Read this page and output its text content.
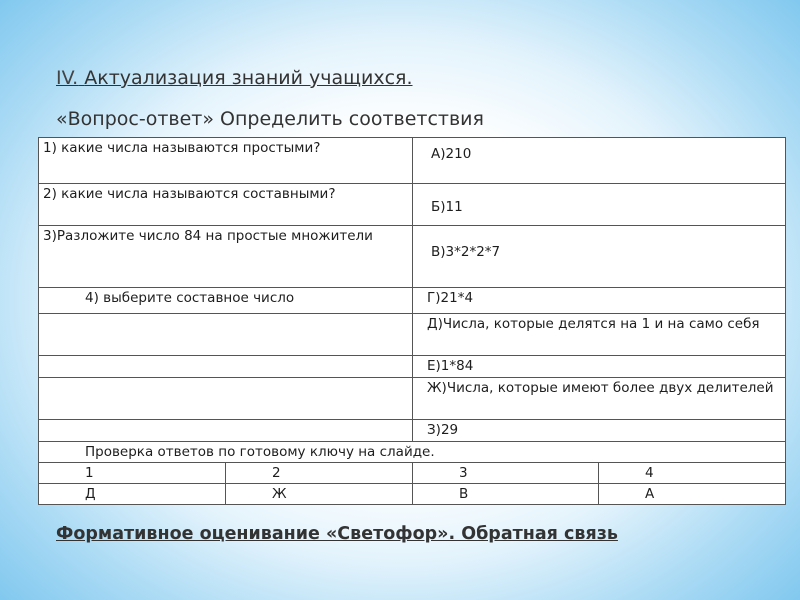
IV. Актуализация знаний учащихся.

«Вопрос-ответ» Определить соответствия

1) какие числа называются простыми?		А)210	

2) какие числа называются составными?		Б)11	

3)Разложите число 84 на простые множители		В)3*2*2*7	

4) выберите составное число		Г)21*4	

		Д)Числа, которые делятся на 1 и на само себя	

		Е)1*84	

		Ж)Числа, которые имеют более двух делителей	

		З)29	
Проверка ответов по готовому ключу на слайде.			
1	2	3	4
Д	Ж	В	А

Формативное оценивание «Светофор». Обратная связь
